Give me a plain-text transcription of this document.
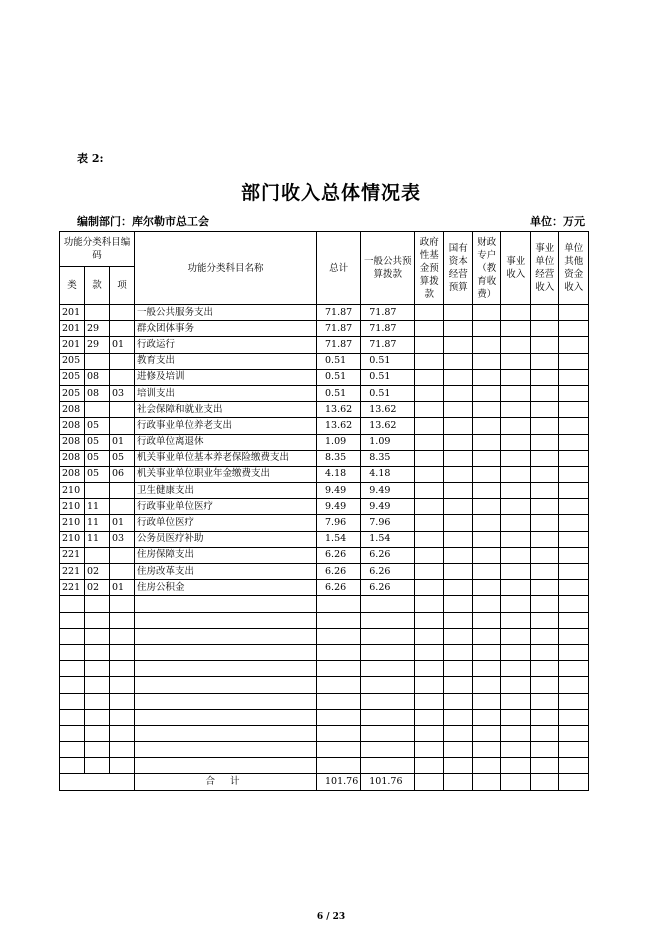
表 2:
部门收入总体情况表
编制部门：库尔勒市总工会	单位：万元
功能分类科目编码			功能分类科目名称	总计	一般公共预算拨款	政府性基金预算拨款	国有资本经营预算	财政专户（教育收费）	事业收入	事业单位经营收入	单位其他资金收入
类	款	项									
201			一般公共服务支出	71.87	71.87						
201	29		群众团体事务	71.87	71.87						
201	29	01	行政运行	71.87	71.87						
205			教育支出	0.51	0.51						
205	08		进修及培训	0.51	0.51						
205	08	03	培训支出	0.51	0.51						
208			社会保障和就业支出	13.62	13.62						
208	05		行政事业单位养老支出	13.62	13.62						
208	05	01	行政单位离退休	1.09	1.09						
208	05	05	机关事业单位基本养老保险缴费支出	8.35	8.35						
208	05	06	机关事业单位职业年金缴费支出	4.18	4.18						
210			卫生健康支出	9.49	9.49						
210	11		行政事业单位医疗	9.49	9.49						
210	11	01	行政单位医疗	7.96	7.96						
210	11	03	公务员医疗补助	1.54	1.54						
221			住房保障支出	6.26	6.26						
221	02		住房改革支出	6.26	6.26						
221	02	01	住房公积金	6.26	6.26						

			合 计	101.76	101.76						
6 / 23
